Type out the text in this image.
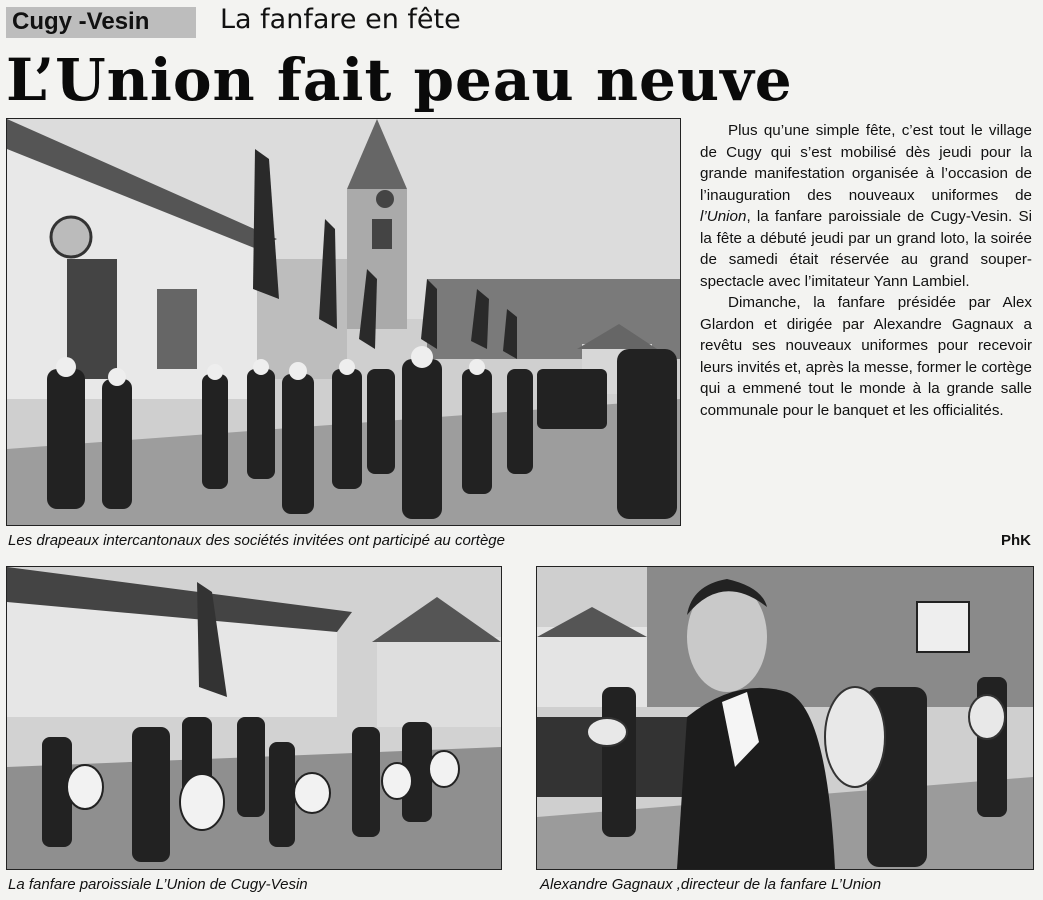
Cugy -Vesin	La fanfare en fête
L’Union fait peau neuve
Les drapeaux intercantonaux des sociétés invitées ont participé au cortège

Plus qu’une simple fête, c’est tout le village de Cugy qui s’est mobilisé dès jeudi pour la grande manifestation organisée à l’occasion de l’inauguration des nouveaux uniformes de l’Union, la fanfare paroissiale de Cugy-Vesin. Si la fête a débuté jeudi par un grand loto, la soirée de samedi était réservée au grand souper-spectacle avec l’imitateur Yann Lambiel.

Dimanche, la fanfare présidée par Alex Glardon et dirigée par Alexandre Gagnaux a revêtu ses nouveaux uniformes pour recevoir leurs invités et, après la messe, former le cortège qui a emmené tout le monde à la grande salle communale pour le banquet et les officialités.

PhK
La fanfare paroissiale L’Union de Cugy-Vesin	Alexandre Gagnaux ,directeur de la fanfare L’Union
